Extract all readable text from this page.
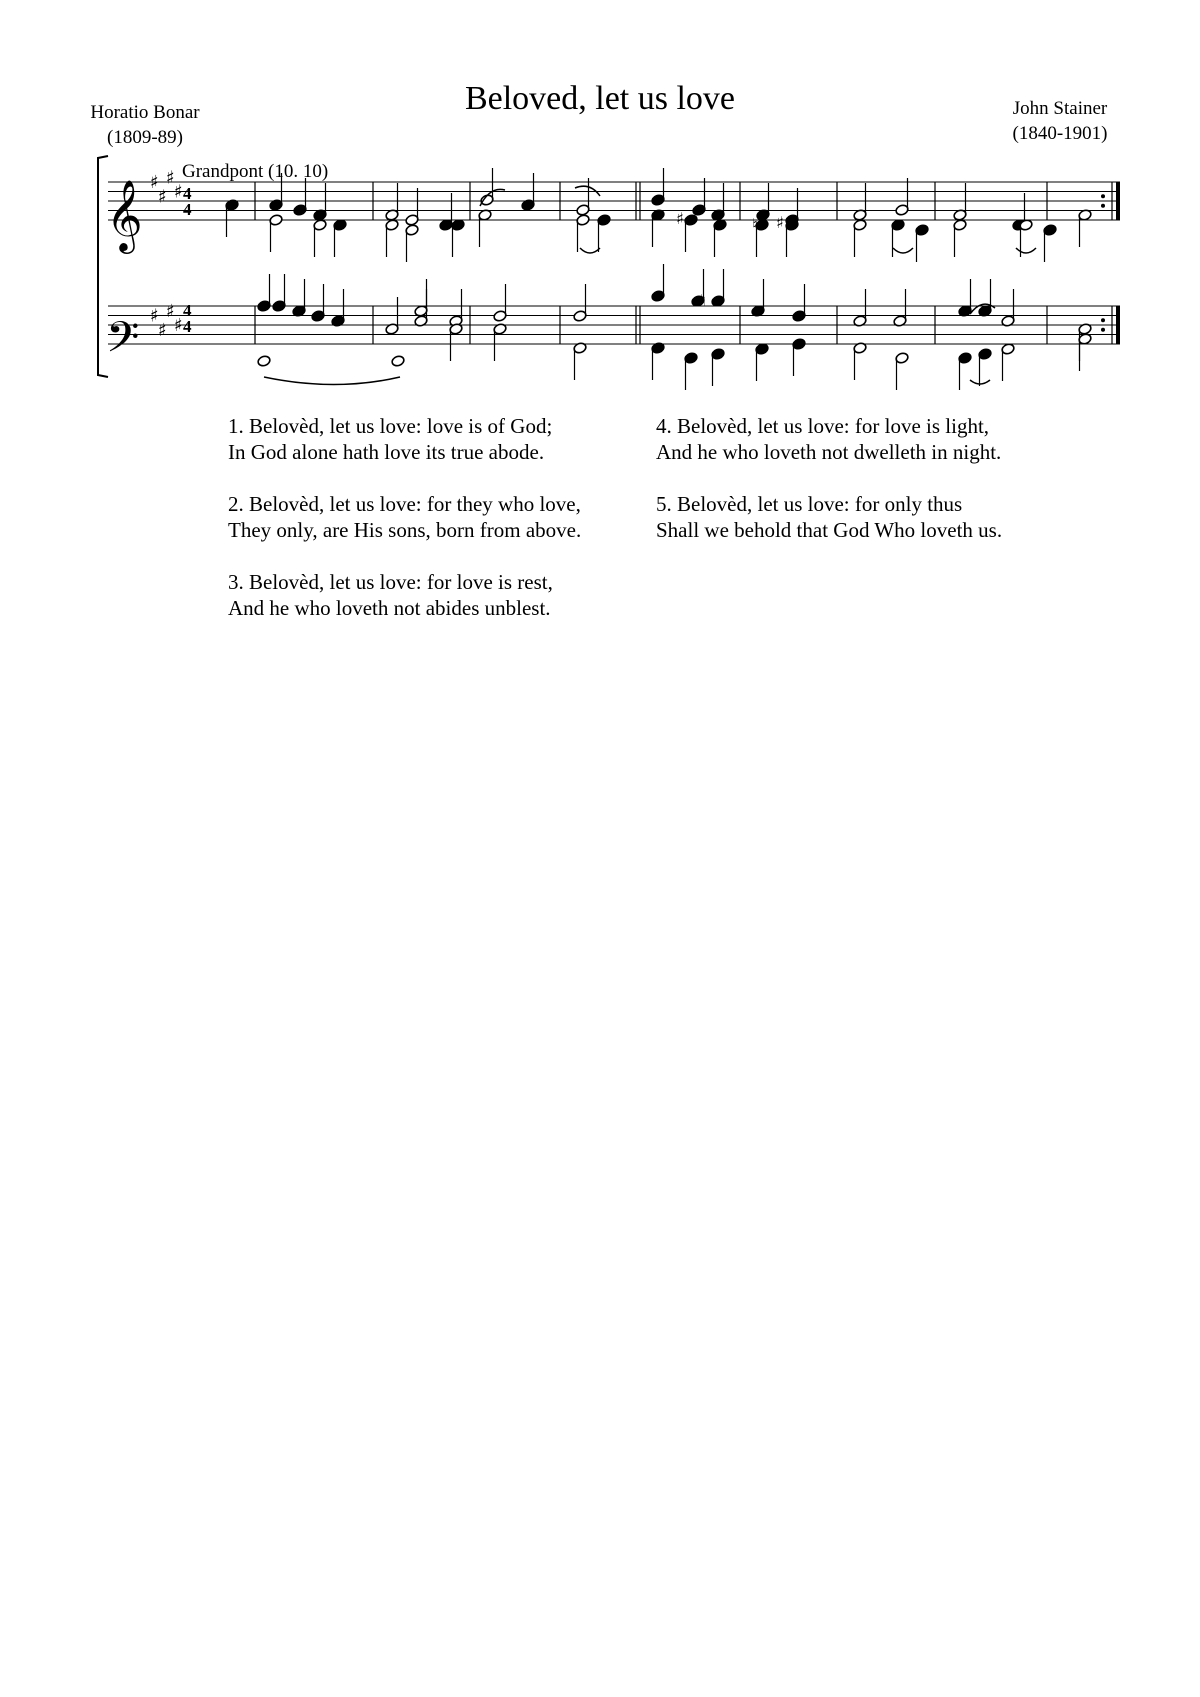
Beloved, let us love
Horatio Bonar
(1809-89)
John Stainer
(1840-1901)
♮
♮
♯	♯
𝄞
𝄢
♯
♯
♯
♯
♯
♯
♯
♯
4
4
4
4
Grandpont (10. 10)
1. Belovèd, let us love: love is of God;
In God alone hath love its true abode.
2. Belovèd, let us love: for they who love,
They only, are His sons, born from above.
3. Belovèd, let us love: for love is rest,
And he who loveth not abides unblest.
4. Belovèd, let us love: for love is light,
And he who loveth not dwelleth in night.
5. Belovèd, let us love: for only thus
Shall we behold that God Who loveth us.
